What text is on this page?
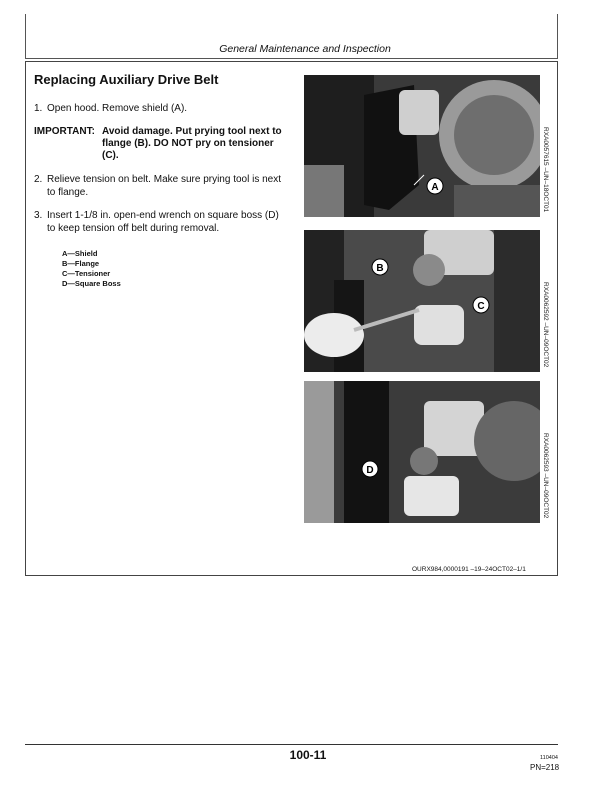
General Maintenance and Inspection
Replacing Auxiliary Drive Belt
1. Open hood. Remove shield (A).
IMPORTANT: Avoid damage. Put prying tool next to flange (B). DO NOT pry on tensioner (C).
2. Relieve tension on belt. Make sure prying tool is next to flange.
3. Insert 1-1/8 in. open-end wrench on square boss (D) to keep tension off belt during removal.
A—Shield
B—Flange
C—Tensioner
D—Square Boss
A	RXA0057615 –UN–18OCT01
B
C	RXA0062592 –UN–09OCT02
D	RXA0062593 –UN–09OCT02
OURX984,0000191 –19–24OCT02–1/1
100-11	110404
PN=218
